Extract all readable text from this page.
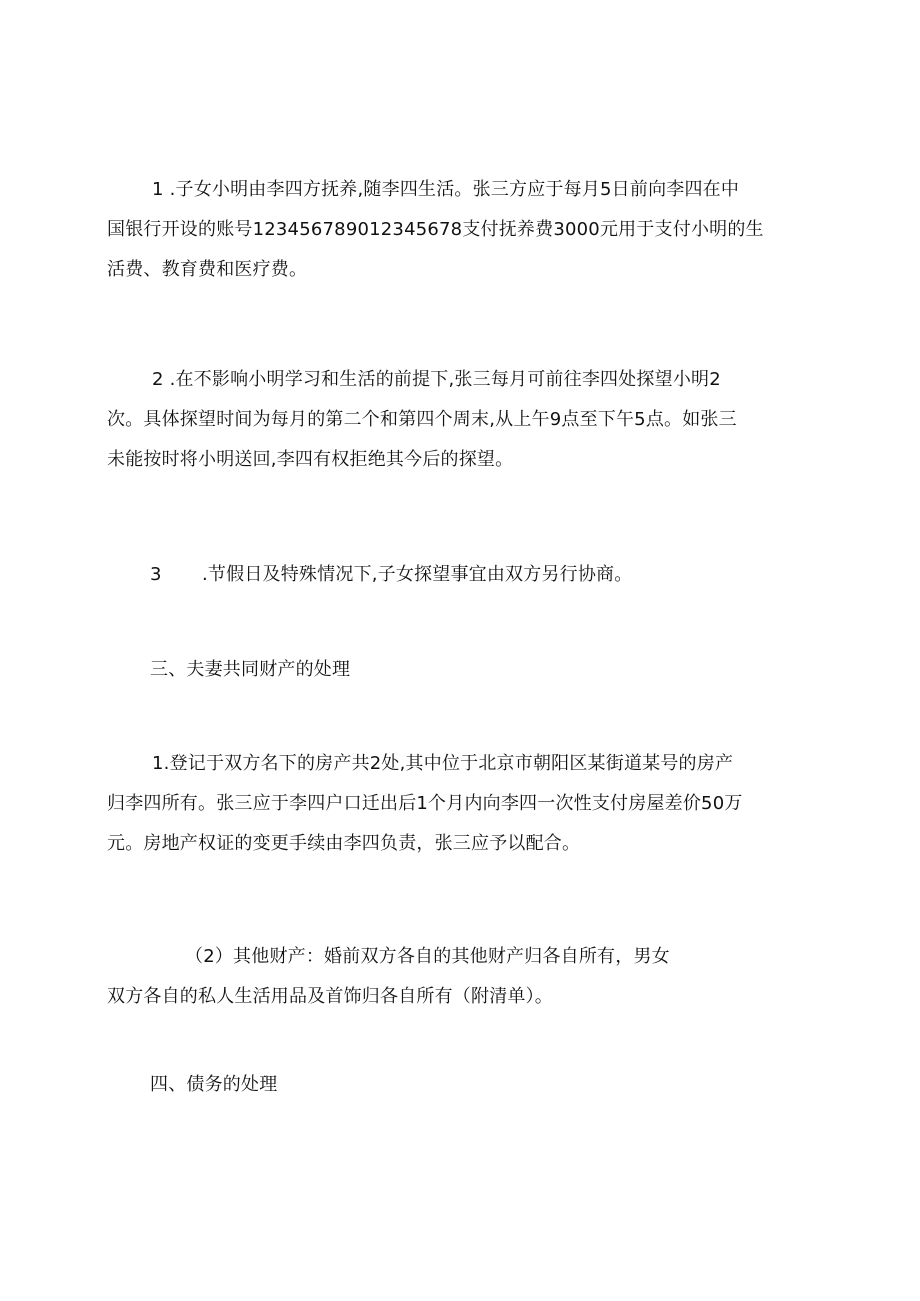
1 .子女小明由李四方抚养,随李四生活。张三方应于每月5日前向李四在中
国银行开设的账号123456789012345678支付抚养费3000元用于支付小明的生
活费、教育费和医疗费。
2 .在不影响小明学习和生活的前提下,张三每月可前往李四处探望小明2
次。具体探望时间为每月的第二个和第四个周末,从上午9点至下午5点。如张三
未能按时将小明送回,李四有权拒绝其今后的探望。
3 .节假日及特殊情况下,子女探望事宜由双方另行协商。
三、夫妻共同财产的处理
1.登记于双方名下的房产共2处,其中位于北京市朝阳区某街道某号的房产
归李四所有。张三应于李四户口迁出后1个月内向李四一次性支付房屋差价50万
元。房地产权证的变更手续由李四负责，张三应予以配合。
（2）其他财产：婚前双方各自的其他财产归各自所有，男女
双方各自的私人生活用品及首饰归各自所有（附清单）。
四、债务的处理
